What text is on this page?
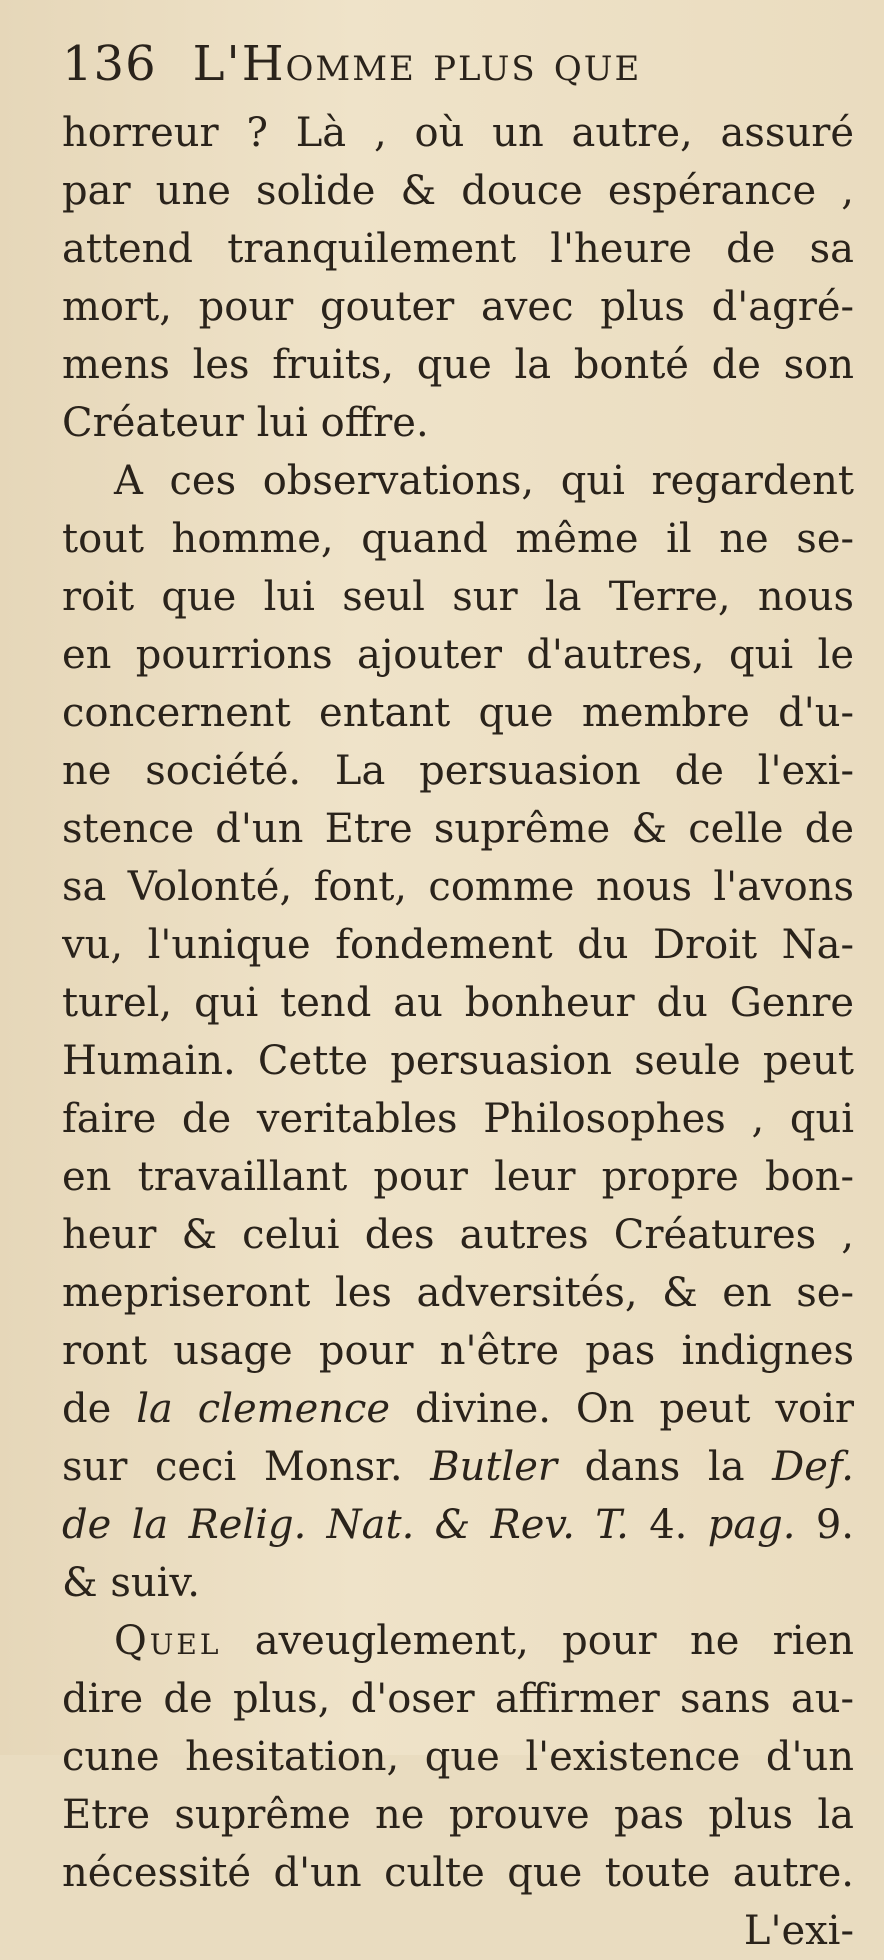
136 L'Homme plus que
horreur ? Là , où un autre, assuré
par une solide & douce espérance ,
attend tranquilement l'heure de sa
mort, pour gouter avec plus d'agré-
mens les fruits, que la bonté de son
Créateur lui offre.
A ces observations, qui regardent
tout homme, quand même il ne se-
roit que lui seul sur la Terre, nous
en pourrions ajouter d'autres, qui le
concernent entant que membre d'u-
ne société. La persuasion de l'exi-
stence d'un Etre suprême & celle de
sa Volonté, font, comme nous l'avons
vu, l'unique fondement du Droit Na-
turel, qui tend au bonheur du Genre
Humain. Cette persuasion seule peut
faire de veritables Philosophes , qui
en travaillant pour leur propre bon-
heur & celui des autres Créatures ,
mepriseront les adversités, & en se-
ront usage pour n'être pas indignes
de la clemence divine. On peut voir
sur ceci Monsr. Butler dans la Def.
de la Relig. Nat. & Rev. T. 4. pag. 9.
& suiv.
Quel aveuglement, pour ne rien
dire de plus, d'oser affirmer sans au-
cune hesitation, que l'existence d'un
Etre suprême ne prouve pas plus la
nécessité d'un culte que toute autre.
L'exi-
